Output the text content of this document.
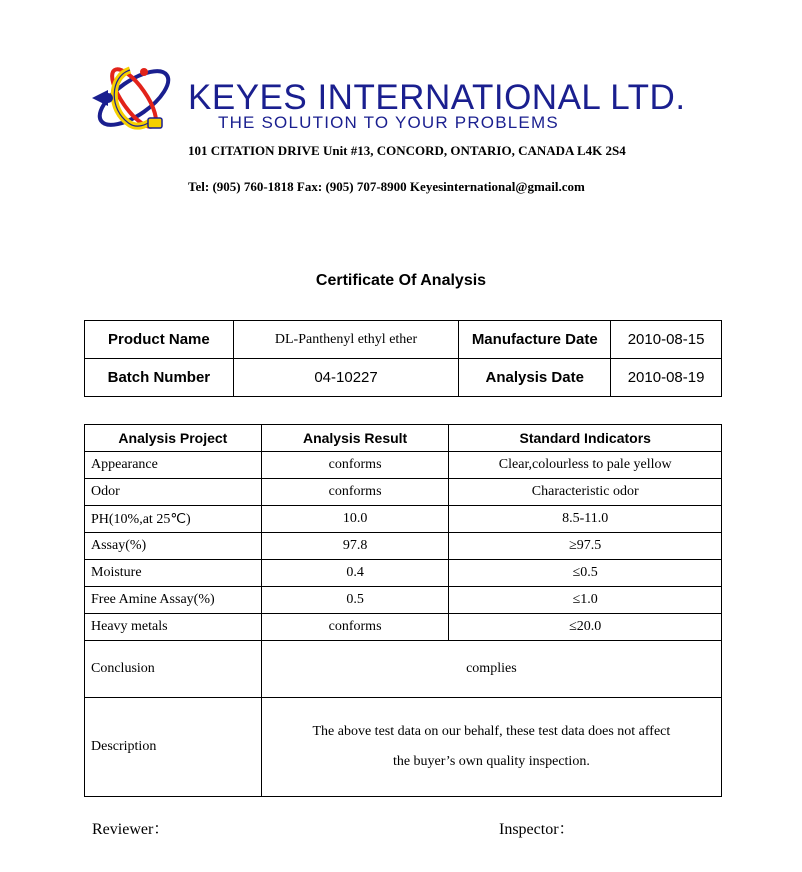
KEYES INTERNATIONAL LTD.
THE SOLUTION TO YOUR PROBLEMS
101 CITATION DRIVE Unit #13, CONCORD, ONTARIO, CANADA L4K 2S4
Tel: (905) 760-1818 Fax: (905) 707-8900 Keyesinternational@gmail.com
Certificate Of Analysis
Product Name	DL-Panthenyl ethyl ether	Manufacture Date	2010-08-15
Batch Number	04-10227	Analysis Date	2010-08-19
Analysis Project	Analysis Result	Standard Indicators
Appearance	conforms	Clear,colourless to pale yellow
Odor	conforms	Characteristic odor
PH(10%,at 25℃)	10.0	8.5-11.0
Assay(%)	97.8	≥97.5
Moisture	0.4	≤0.5
Free Amine Assay(%)	0.5	≤1.0
Heavy metals	conforms	≤20.0
Conclusion	complies	
Description	The above test data on our behalf, these test data does not affect
the buyer’s own quality inspection.	
Reviewer：	Inspector：
